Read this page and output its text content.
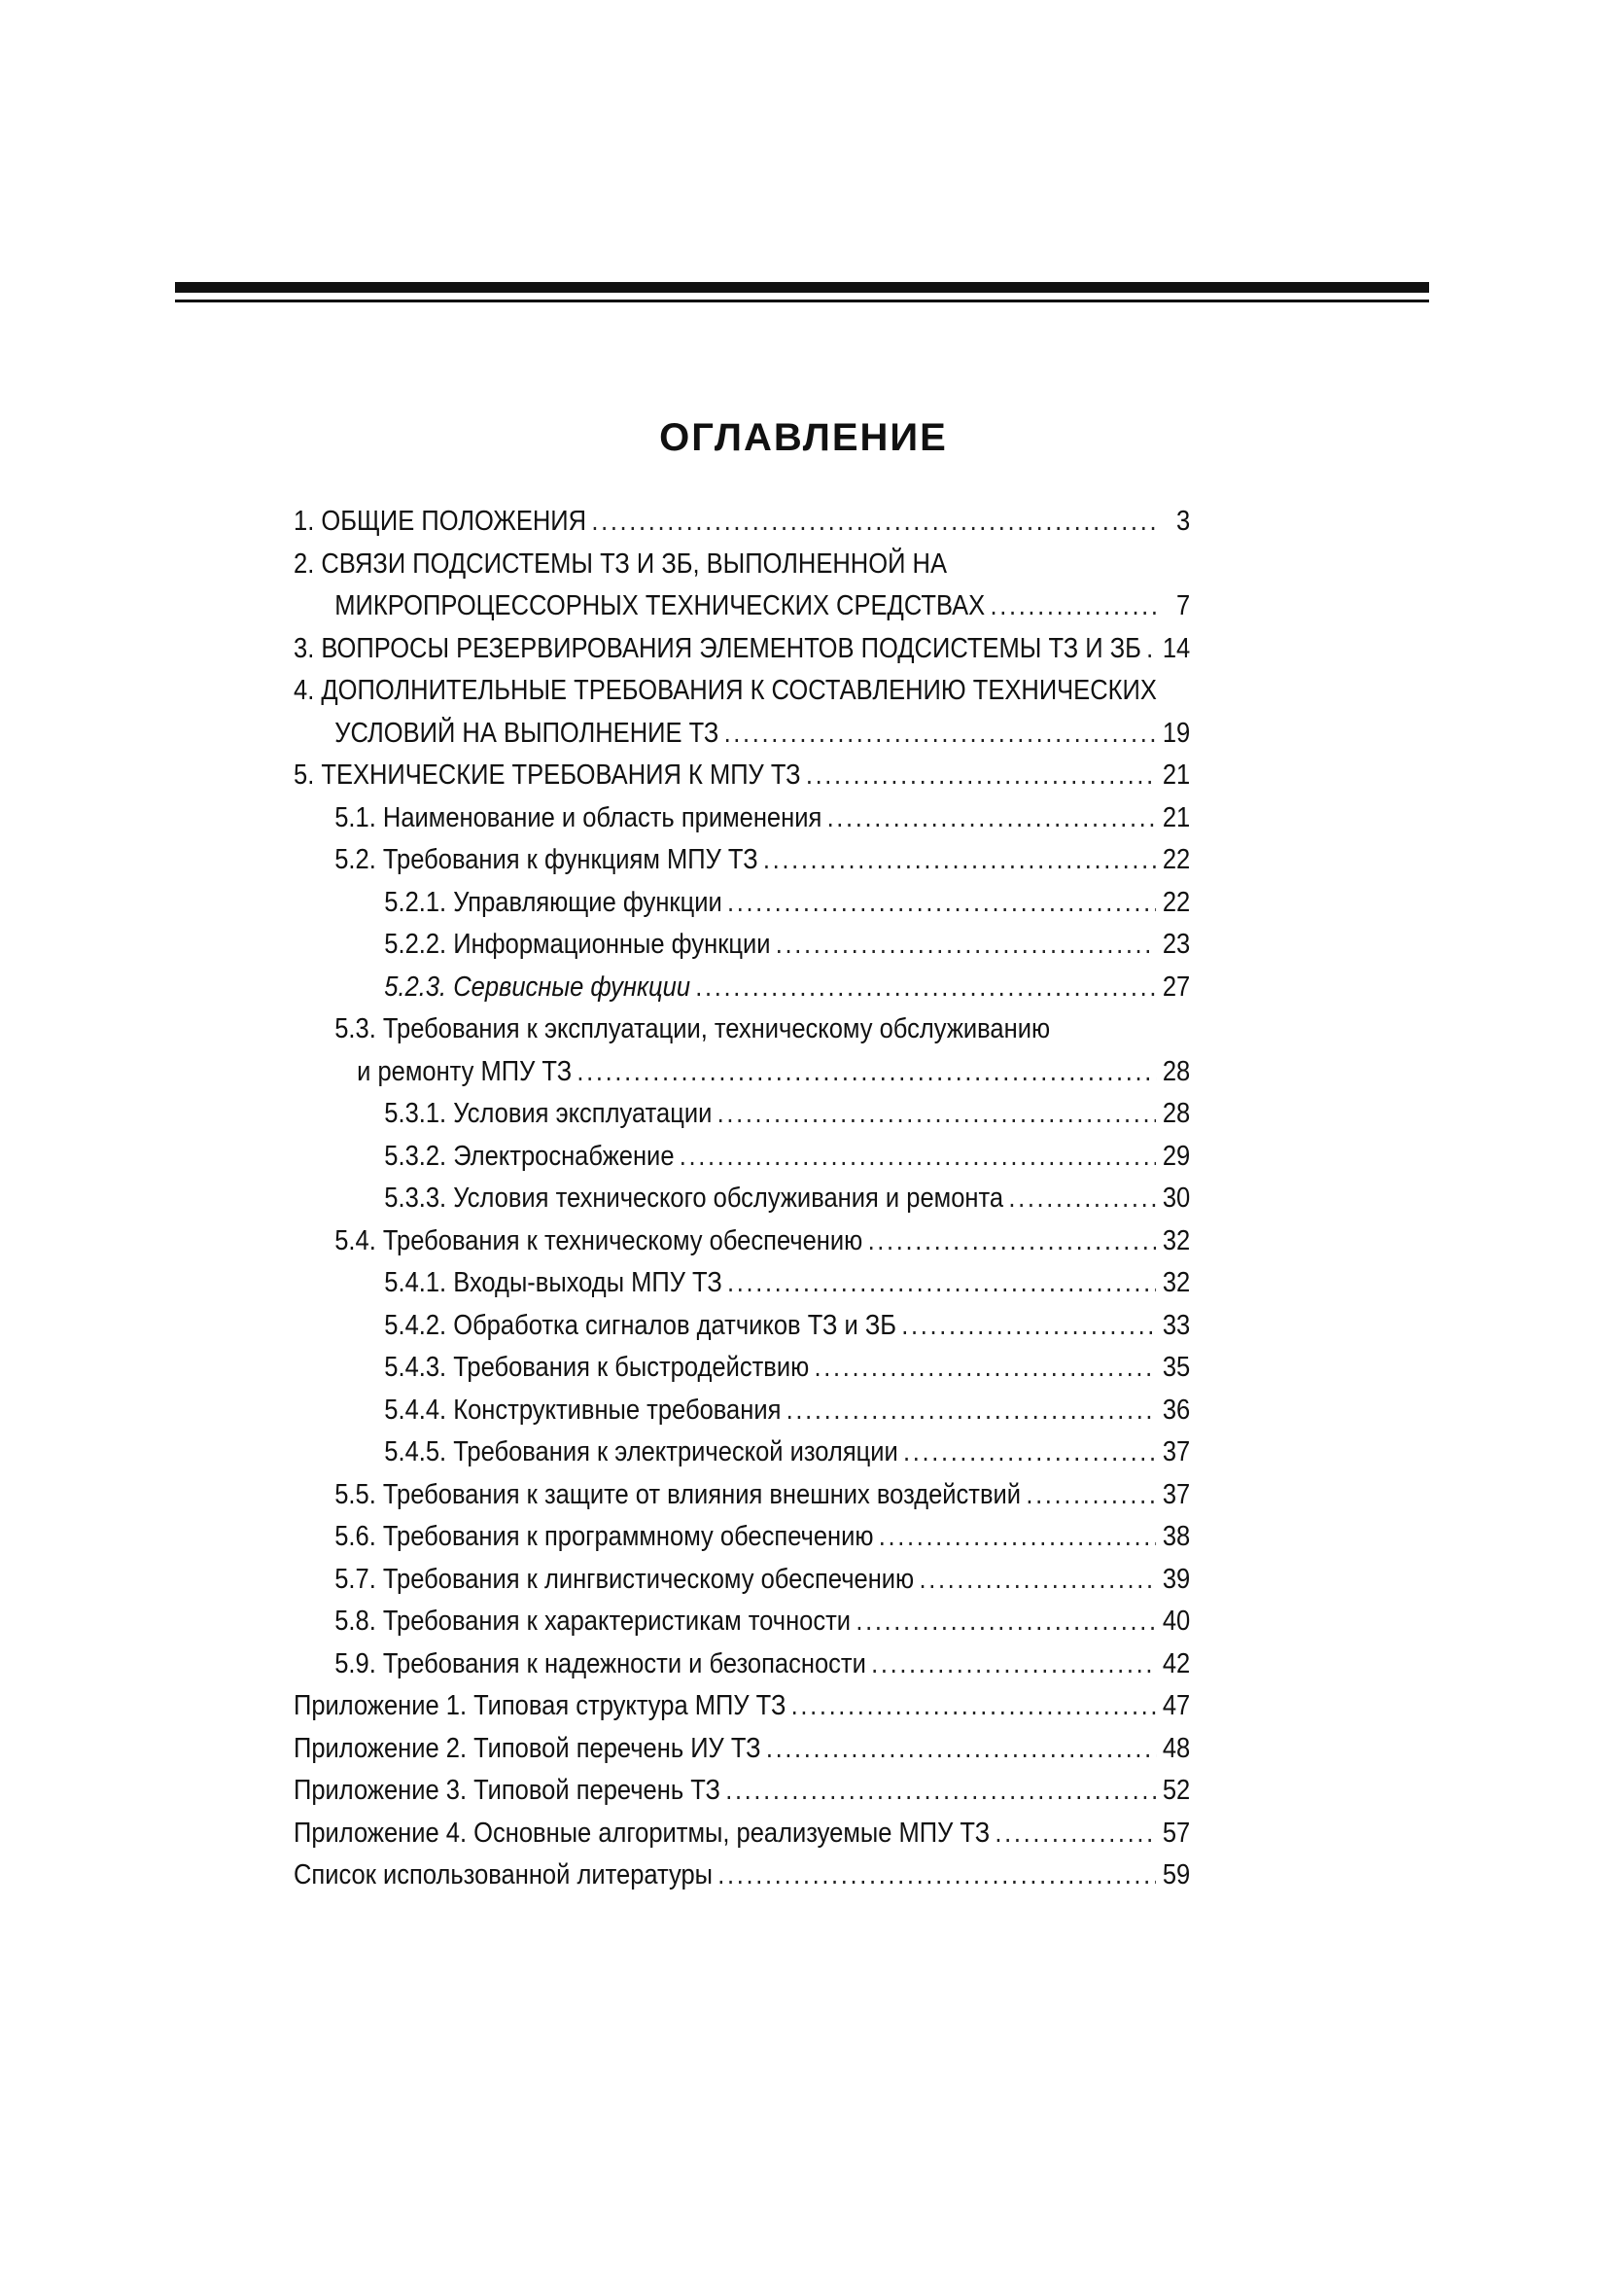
ОГЛАВЛЕНИЕ
1. ОБЩИЕ ПОЛОЖЕНИЯ .....	3
2. СВЯЗИ ПОДСИСТЕМЫ ТЗ И ЗБ, ВЫПОЛНЕННОЙ НА
МИКРОПРОЦЕССОРНЫХ ТЕХНИЧЕСКИХ СРЕДСТВАХ .....	7
3. ВОПРОСЫ РЕЗЕРВИРОВАНИЯ ЭЛЕМЕНТОВ ПОДСИСТЕМЫ ТЗ И ЗБ ..... 14
4. ДОПОЛНИТЕЛЬНЫЕ ТРЕБОВАНИЯ К СОСТАВЛЕНИЮ ТЕХНИЧЕСКИХ
УСЛОВИЙ НА ВЫПОЛНЕНИЕ ТЗ .....	19
5. ТЕХНИЧЕСКИЕ ТРЕБОВАНИЯ К МПУ ТЗ .....	21
5.1. Наименование и область применения .....	21
5.2. Требования к функциям МПУ ТЗ .....	22
5.2.1. Управляющие функции .....	22
5.2.2. Информационные функции .....	23
5.2.3. Сервисные функции .....	27
5.3. Требования к эксплуатации, техническому обслуживанию
и ремонту МПУ ТЗ .....	28
5.3.1. Условия эксплуатации .....	28
5.3.2. Электроснабжение .....	29
5.3.3. Условия технического обслуживания и ремонта .....	30
5.4. Требования к техническому обеспечению .....	32
5.4.1. Входы-выходы МПУ ТЗ .....	32
5.4.2. Обработка сигналов датчиков ТЗ и ЗБ .....	33
5.4.3. Требования к быстродействию .....	35
5.4.4. Конструктивные требования .....	36
5.4.5. Требования к электрической изоляции .....	37
5.5. Требования к защите от влияния внешних воздействий .....	37
5.6. Требования к программному обеспечению .....	38
5.7. Требования к лингвистическому обеспечению .....	39
5.8. Требования к характеристикам точности .....	40
5.9. Требования к надежности и безопасности .....	42
Приложение 1. Типовая структура МПУ ТЗ .....	47
Приложение 2. Типовой перечень ИУ ТЗ .....	48
Приложение 3. Типовой перечень ТЗ .....	52
Приложение 4. Основные алгоритмы, реализуемые МПУ ТЗ .....	57
Список использованной литературы .....	59
